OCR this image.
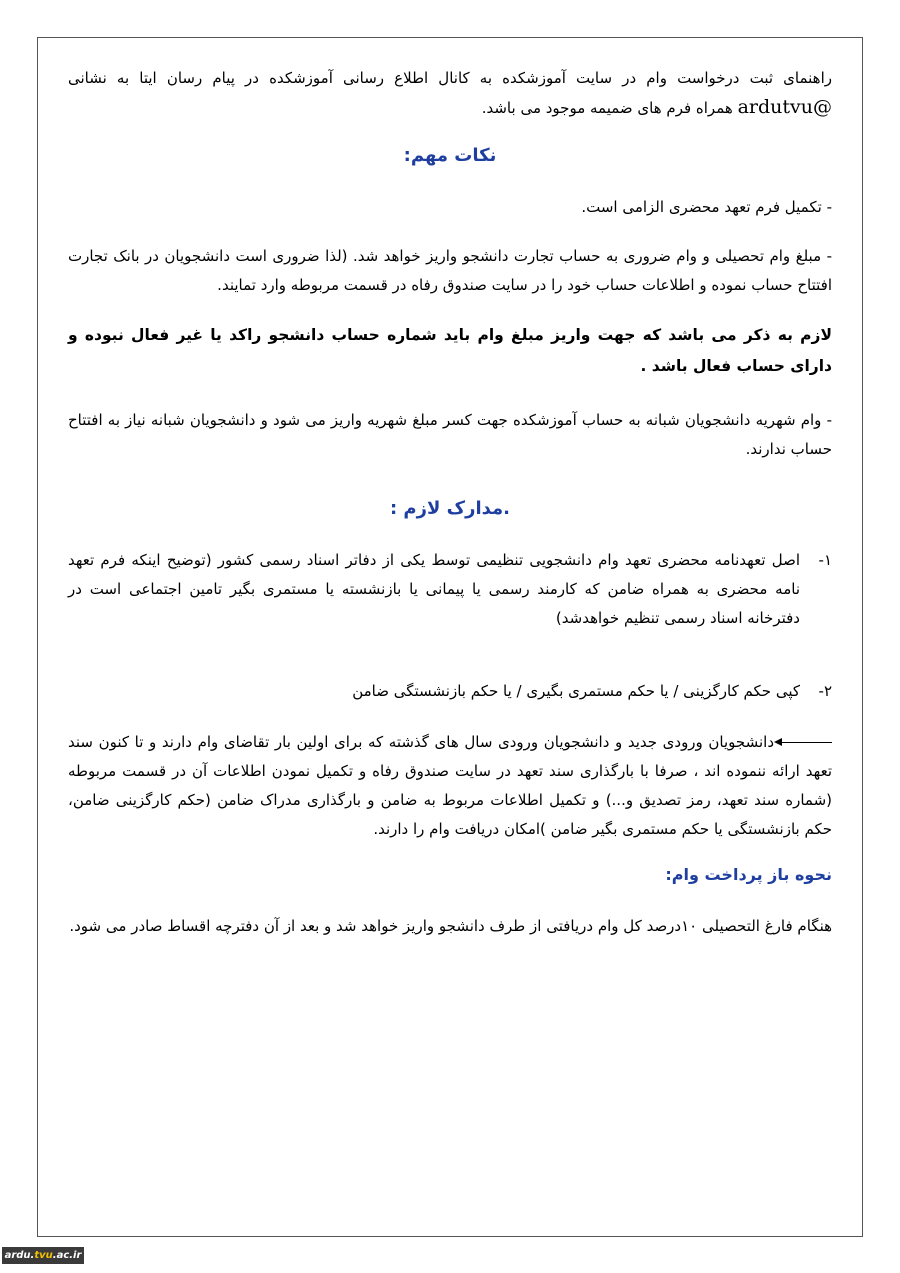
راهنمای ثبت درخواست وام در سایت آموزشکده به کانال اطلاع رسانی آموزشکده در پیام رسان ایتا به نشانی @ardutvu همراه فرم های ضمیمه موجود می باشد.

نکات مهم:

- تکمیل فرم تعهد محضری الزامی است.

- مبلغ وام تحصیلی و وام ضروری به حساب تجارت دانشجو واریز خواهد شد. (لذا ضروری است دانشجویان در بانک تجارت افتتاح حساب نموده و اطلاعات حساب خود را در سایت صندوق رفاه در قسمت مربوطه وارد تمایند.

لازم به ذکر می باشد که جهت واریز مبلغ وام باید شماره حساب دانشجو راکد یا غیر فعال نبوده و دارای حساب فعال باشد .

- وام شهریه دانشجویان شبانه به حساب آموزشکده جهت کسر مبلغ شهریه واریز می شود و دانشجویان شبانه نیاز به افتتاح حساب ندارند.

.مدارک لازم :
۱-
اصل تعهدنامه محضری تعهد وام دانشجویی تنظیمی توسط یکی از دفاتر اسناد رسمی کشور (توضیح اینکه فرم تعهد نامه محضری به همراه ضامن که کارمند رسمی یا پیمانی یا بازنشسته یا مستمری بگیر تامین اجتماعی است در دفترخانه اسناد رسمی تنظیم خواهدشد)
۲-
کپی حکم کارگزینی / یا حکم مستمری بگیری / یا حکم بازنشستگی ضامن

دانشجویان ورودی جدید و دانشجویان ورودی سال های گذشته که برای اولین بار تقاضای وام دارند و تا کنون سند تعهد ارائه ننموده اند ، صرفا با بارگذاری سند تعهد در سایت صندوق رفاه و تکمیل نمودن اطلاعات آن در قسمت مربوطه (شماره سند تعهد، رمز تصدیق و...) و تکمیل اطلاعات مربوط به ضامن و بارگذاری مدراک ضامن (حکم کارگزینی ضامن، حکم بازنشستگی یا حکم مستمری بگیر ضامن )امکان دریافت وام را دارند.

نحوه باز پرداخت وام:

هنگام فارغ التحصیلی ۱۰درصد کل وام دریافتی از طرف دانشجو واریز خواهد شد و بعد از آن دفترچه اقساط صادر می شود.

ardu.tvu.ac.ir
